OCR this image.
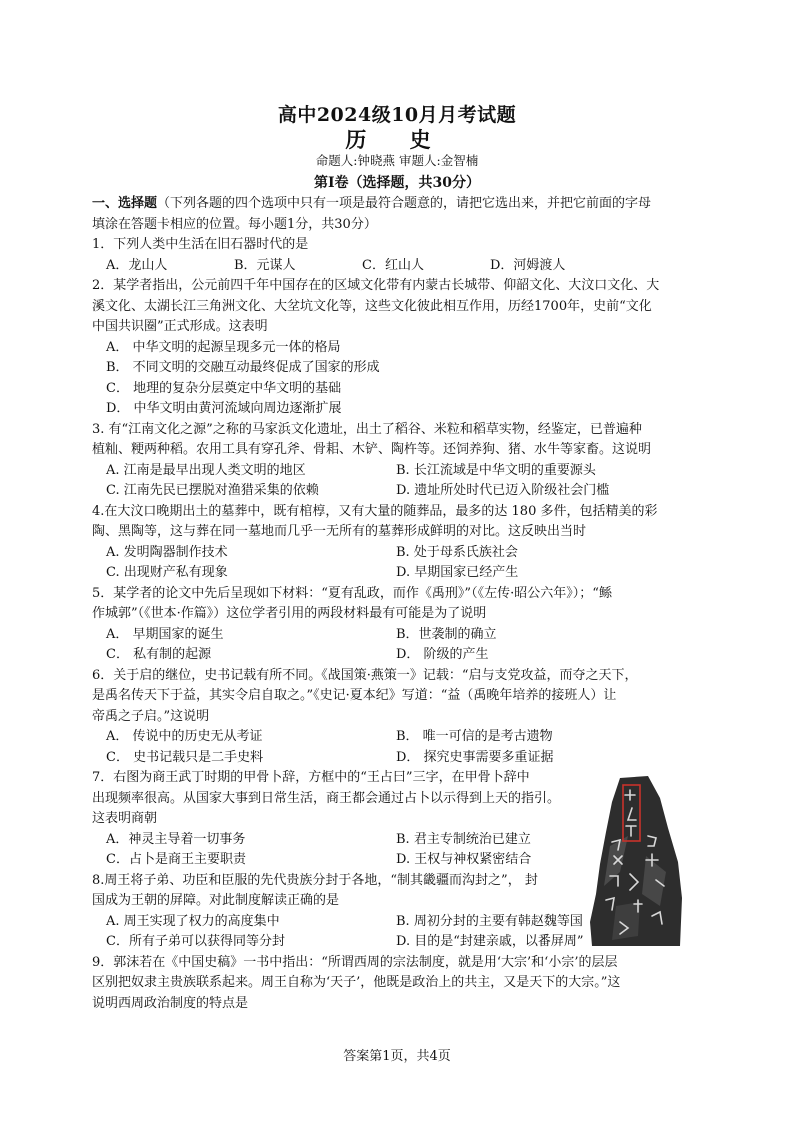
高中2024级10月月考试题
历 史
命题人:钟晓燕 审题人:金智楠
第Ⅰ卷（选择题，共30分）
一、选择题（下列各题的四个选项中只有一项是最符合题意的，请把它选出来，并把它前面的字母
填涂在答题卡相应的位置。每小题1分，共30分）
1．下列人类中生活在旧石器时代的是
A．龙山人	B．元谋人	C．红山人	D．河姆渡人
2．某学者指出，公元前四千年中国存在的区域文化带有内蒙古长城带、仰韶文化、大汶口文化、大
溪文化、太湖长江三角洲文化、大坌坑文化等，这些文化彼此相互作用，历经1700年，史前“文化
中国共识圈”正式形成。这表明
A． 中华文明的起源呈现多元一体的格局
B． 不同文明的交融互动最终促成了国家的形成
C． 地理的复杂分层奠定中华文明的基础
D． 中华文明由黄河流域向周边逐渐扩展
3. 有“江南文化之源”之称的马家浜文化遗址，出土了稻谷、米粒和稻草实物，经鉴定，已普遍种
植籼、粳两种稻。农用工具有穿孔斧、骨耜、木铲、陶杵等。还饲养狗、猪、水牛等家畜。这说明
A. 江南是最早出现人类文明的地区	B. 长江流域是中华文明的重要源头
C. 江南先民已摆脱对渔猎采集的依赖	D. 遗址所处时代已迈入阶级社会门槛
4.在大汶口晚期出土的墓葬中，既有棺椁，又有大量的随葬品，最多的达 180 多件，包括精美的彩
陶、黑陶等，这与葬在同一墓地而几乎一无所有的墓葬形成鲜明的对比。这反映出当时
A. 发明陶器制作技术	B. 处于母系氏族社会
C. 出现财产私有现象	D. 早期国家已经产生
5．某学者的论文中先后呈现如下材料：“夏有乱政，而作《禹刑》”（《左传·昭公六年》）；“鲧
作城郭”（《世本·作篇》）这位学者引用的两段材料最有可能是为了说明
A． 早期国家的诞生	B．世袭制的确立
C． 私有制的起源	D． 阶级的产生
6．关于启的继位，史书记载有所不同。《战国策·燕策一》记载：“启与支党攻益，而夺之天下，
是禹名传天下于益，其实令启自取之。”《史记·夏本纪》写道：“益（禹晚年培养的接班人）让
帝禹之子启。”这说明
A． 传说中的历史无从考证	B． 唯一可信的是考古遗物
C． 史书记载只是二手史料	D． 探究史事需要多重证据
7．右图为商王武丁时期的甲骨卜辞，方框中的“王占曰”三字，在甲骨卜辞中
出现频率很高。从国家大事到日常生活，商王都会通过占卜以示得到上天的指引。
这表明商朝
A．神灵主导着一切事务	B. 君主专制统治已建立
C．占卜是商王主要职责	D. 王权与神权紧密结合
8.周王将子弟、功臣和臣服的先代贵族分封于各地，“制其畿疆而沟封之”， 封
国成为王朝的屏障。对此制度解读正确的是
A. 周王实现了权力的高度集中	B. 周初分封的主要有韩赵魏等国
C．所有子弟可以获得同等分封	D. 目的是“封建亲戚，以番屏周”
9．郭沫若在《中国史稿》一书中指出：“所谓西周的宗法制度，就是用‘大宗’和‘小宗’的层层
区别把奴隶主贵族联系起来。周王自称为‘天子’，他既是政治上的共主，又是天下的大宗。”这
说明西周政治制度的特点是
答案第1页，共4页
